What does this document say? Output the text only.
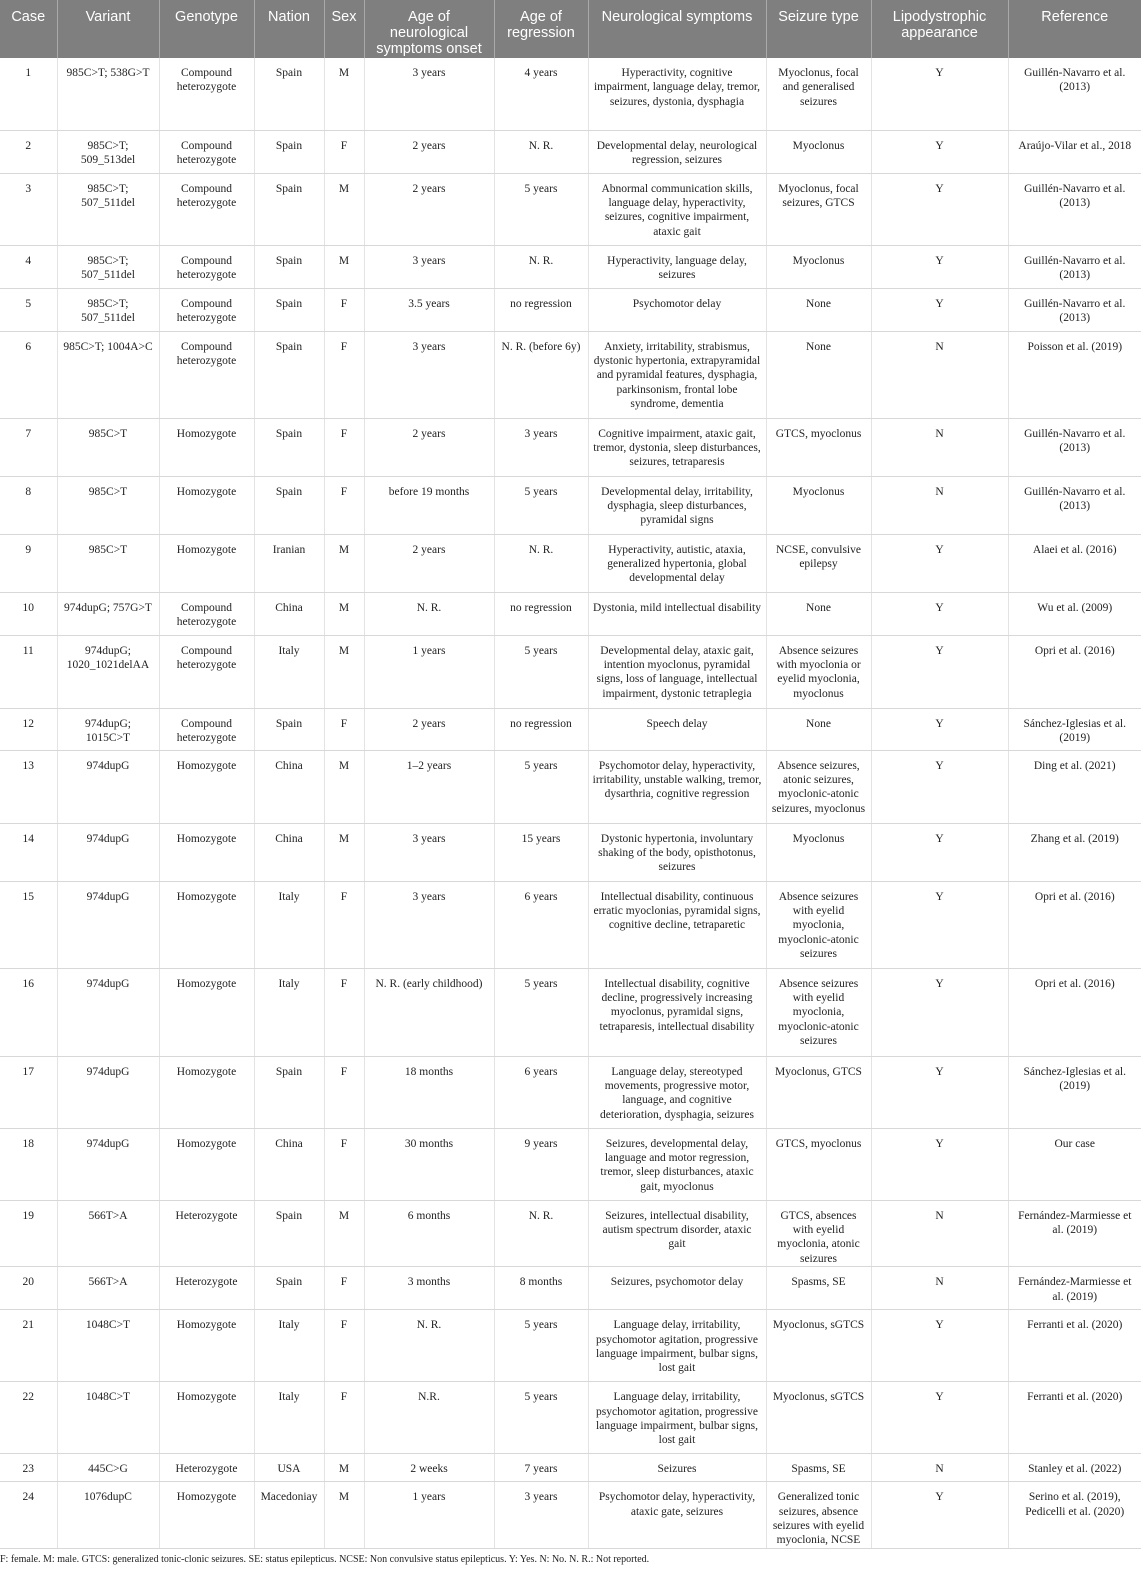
Case	Variant	Genotype	Nation	Sex	Age of neurological symptoms onset	Age of regression	Neurological symptoms	Seizure type	Lipodystrophic appearance	Reference
1	985C>T; 538G>T	Compound heterozygote	Spain	M	3 years	4 years	Hyperactivity, cognitive impairment, language delay, tremor, seizures, dystonia, dysphagia	Myoclonus, focal and generalised seizures	Y	Guillén-Navarro et al. (2013)
2	985C>T; 509_513del	Compound heterozygote	Spain	F	2 years	N. R.	Developmental delay, neurological regression, seizures	Myoclonus	Y	Araújo-Vilar et al., 2018
3	985C>T; 507_511del	Compound heterozygote	Spain	M	2 years	5 years	Abnormal communication skills, language delay, hyperactivity, seizures, cognitive impairment, ataxic gait	Myoclonus, focal seizures, GTCS	Y	Guillén-Navarro et al. (2013)
4	985C>T; 507_511del	Compound heterozygote	Spain	M	3 years	N. R.	Hyperactivity, language delay, seizures	Myoclonus	Y	Guillén-Navarro et al. (2013)
5	985C>T; 507_511del	Compound heterozygote	Spain	F	3.5 years	no regression	Psychomotor delay	None	Y	Guillén-Navarro et al. (2013)
6	985C>T; 1004A>C	Compound heterozygote	Spain	F	3 years	N. R. (before 6y)	Anxiety, irritability, strabismus, dystonic hypertonia, extrapyramidal and pyramidal features, dysphagia, parkinsonism, frontal lobe syndrome, dementia	None	N	Poisson et al. (2019)
7	985C>T	Homozygote	Spain	F	2 years	3 years	Cognitive impairment, ataxic gait, tremor, dystonia, sleep disturbances, seizures, tetraparesis	GTCS, myoclonus	N	Guillén-Navarro et al. (2013)
8	985C>T	Homozygote	Spain	F	before 19 months	5 years	Developmental delay, irritability, dysphagia, sleep disturbances, pyramidal signs	Myoclonus	N	Guillén-Navarro et al. (2013)
9	985C>T	Homozygote	Iranian	M	2 years	N. R.	Hyperactivity, autistic, ataxia, generalized hypertonia, global developmental delay	NCSE, convulsive epilepsy	Y	Alaei et al. (2016)
10	974dupG; 757G>T	Compound heterozygote	China	M	N. R.	no regression	Dystonia, mild intellectual disability	None	Y	Wu et al. (2009)
11	974dupG; 1020_1021delAA	Compound heterozygote	Italy	M	1 years	5 years	Developmental delay, ataxic gait, intention myoclonus, pyramidal signs, loss of language, intellectual impairment, dystonic tetraplegia	Absence seizures with myoclonia or eyelid myoclonia, myoclonus	Y	Opri et al. (2016)
12	974dupG; 1015C>T	Compound heterozygote	Spain	F	2 years	no regression	Speech delay	None	Y	Sánchez-Iglesias et al. (2019)
13	974dupG	Homozygote	China	M	1–2 years	5 years	Psychomotor delay, hyperactivity, irritability, unstable walking, tremor, dysarthria, cognitive regression	Absence seizures, atonic seizures, myoclonic-atonic seizures, myoclonus	Y	Ding et al. (2021)
14	974dupG	Homozygote	China	M	3 years	15 years	Dystonic hypertonia, involuntary shaking of the body, opisthotonus, seizures	Myoclonus	Y	Zhang et al. (2019)
15	974dupG	Homozygote	Italy	F	3 years	6 years	Intellectual disability, continuous erratic myoclonias, pyramidal signs, cognitive decline, tetraparetic	Absence seizures with eyelid myoclonia, myoclonic-atonic seizures	Y	Opri et al. (2016)
16	974dupG	Homozygote	Italy	F	N. R. (early childhood)	5 years	Intellectual disability, cognitive decline, progressively increasing myoclonus, pyramidal signs, tetraparesis, intellectual disability	Absence seizures with eyelid myoclonia, myoclonic-atonic seizures	Y	Opri et al. (2016)
17	974dupG	Homozygote	Spain	F	18 months	6 years	Language delay, stereotyped movements, progressive motor, language, and cognitive deterioration, dysphagia, seizures	Myoclonus, GTCS	Y	Sánchez-Iglesias et al. (2019)
18	974dupG	Homozygote	China	F	30 months	9 years	Seizures, developmental delay, language and motor regression, tremor, sleep disturbances, ataxic gait, myoclonus	GTCS, myoclonus	Y	Our case
19	566T>A	Heterozygote	Spain	M	6 months	N. R.	Seizures, intellectual disability, autism spectrum disorder, ataxic gait	GTCS, absences with eyelid myoclonia, atonic seizures	N	Fernández-Marmiesse et al. (2019)
20	566T>A	Heterozygote	Spain	F	3 months	8 months	Seizures, psychomotor delay	Spasms, SE	N	Fernández-Marmiesse et al. (2019)
21	1048C>T	Homozygote	Italy	F	N. R.	5 years	Language delay, irritability, psychomotor agitation, progressive language impairment, bulbar signs, lost gait	Myoclonus, sGTCS	Y	Ferranti et al. (2020)
22	1048C>T	Homozygote	Italy	F	N.R.	5 years	Language delay, irritability, psychomotor agitation, progressive language impairment, bulbar signs, lost gait	Myoclonus, sGTCS	Y	Ferranti et al. (2020)
23	445C>G	Heterozygote	USA	M	2 weeks	7 years	Seizures	Spasms, SE	N	Stanley et al. (2022)
24	1076dupC	Homozygote	Macedoniay	M	1 years	3 years	Psychomotor delay, hyperactivity, ataxic gate, seizures	Generalized tonic seizures, absence seizures with eyelid myoclonia, NCSE	Y	Serino et al. (2019), Pedicelli et al. (2020)
F: female. M: male. GTCS: generalized tonic-clonic seizures. SE: status epilepticus. NCSE: Non convulsive status epilepticus. Y: Yes. N: No. N. R.: Not reported.
